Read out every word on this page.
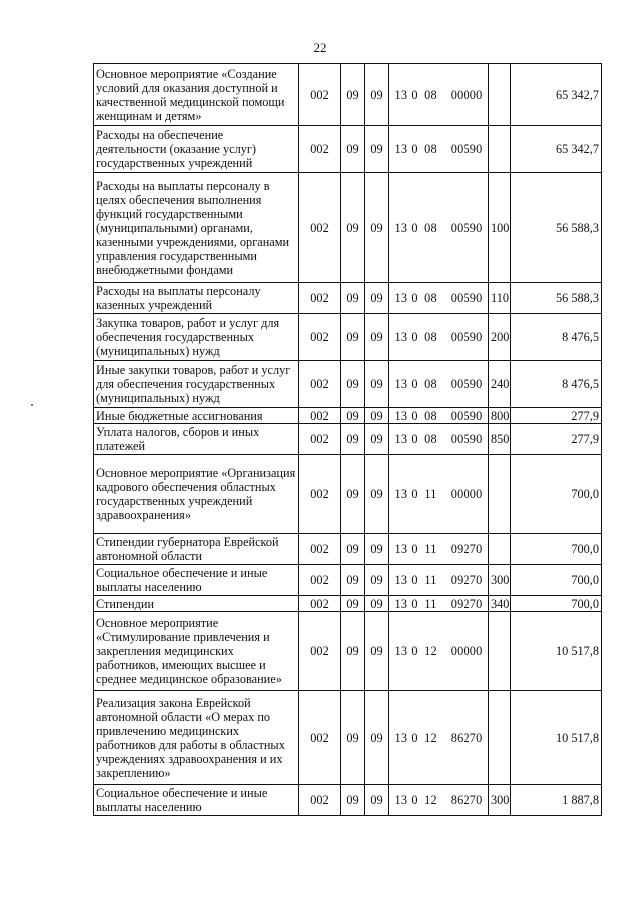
22
Основное мероприятие «Создание условий для оказания доступной и качественной медицинской помощи женщинам и детям»	002	09	09	13 0 08 00000		65 342,7
Расходы на обеспечение деятельности (оказание услуг) государственных учреждений	002	09	09	13 0 08 00590		65 342,7
Расходы на выплаты персоналу в целях обеспечения выполнения функций государственными (муниципальными) органами, казенными учреждениями, органами управления государственными внебюджетными фондами	002	09	09	13 0 08 00590	100	56 588,3
Расходы на выплаты персоналу казенных учреждений	002	09	09	13 0 08 00590	110	56 588,3
Закупка товаров, работ и услуг для обеспечения государственных (муниципальных) нужд	002	09	09	13 0 08 00590	200	8 476,5
Иные закупки товаров, работ и услуг для обеспечения государственных (муниципальных) нужд	002	09	09	13 0 08 00590	240	8 476,5
Иные бюджетные ассигнования	002	09	09	13 0 08 00590	800	277,9
Уплата налогов, сборов и иных платежей	002	09	09	13 0 08 00590	850	277,9
Основное мероприятие «Организация кадрового обеспечения областных государственных учреждений здравоохранения»	002	09	09	13 0 11 00000		700,0
Стипендии губернатора Еврейской автономной области	002	09	09	13 0 11 09270		700,0
Социальное обеспечение и иные выплаты населению	002	09	09	13 0 11 09270	300	700,0
Стипендии	002	09	09	13 0 11 09270	340	700,0
Основное мероприятие «Стимулирование привлечения и закрепления медицинских работников, имеющих высшее и среднее медицинское образование»	002	09	09	13 0 12 00000		10 517,8
Реализация закона Еврейской автономной области «О мерах по привлечению медицинских работников для работы в областных учреждениях здравоохранения и их закреплению»	002	09	09	13 0 12 86270		10 517,8
Социальное обеспечение и иные выплаты населению	002	09	09	13 0 12 86270	300	1 887,8
